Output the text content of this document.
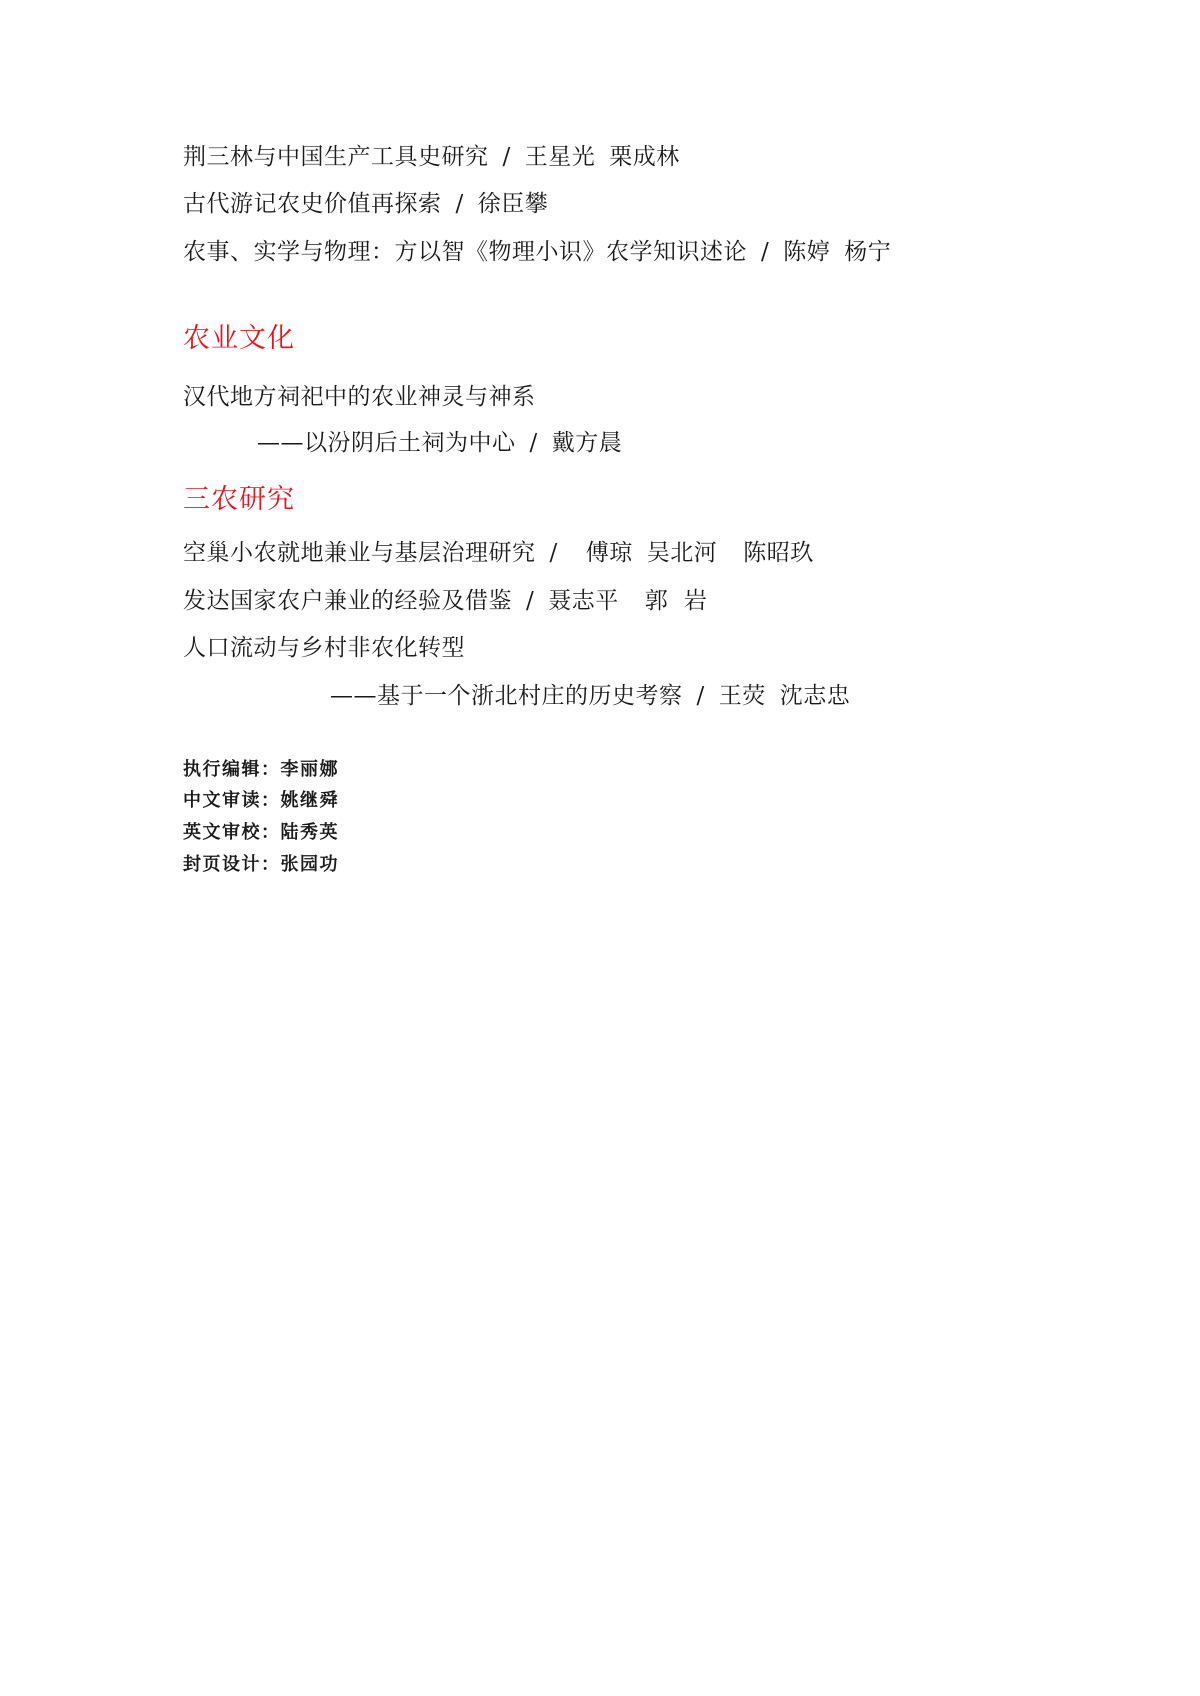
荆三林与中国生产工具史研究 / 王星光 栗成林
古代游记农史价值再探索 / 徐臣攀
农事、实学与物理：方以智《物理小识》农学知识述论 / 陈婷 杨宁
农业文化
汉代地方祠祀中的农业神灵与神系
——以汾阴后土祠为中心 / 戴方晨
三农研究
空巢小农就地兼业与基层治理研究 / 傅琼 吴北河 陈昭玖
发达国家农户兼业的经验及借鉴 / 聂志平 郭  岩
人口流动与乡村非农化转型
——基于一个浙北村庄的历史考察 / 王荧 沈志忠
执行编辑：李丽娜
中文审读：姚继舜
英文审校：陆秀英
封页设计：张园功
